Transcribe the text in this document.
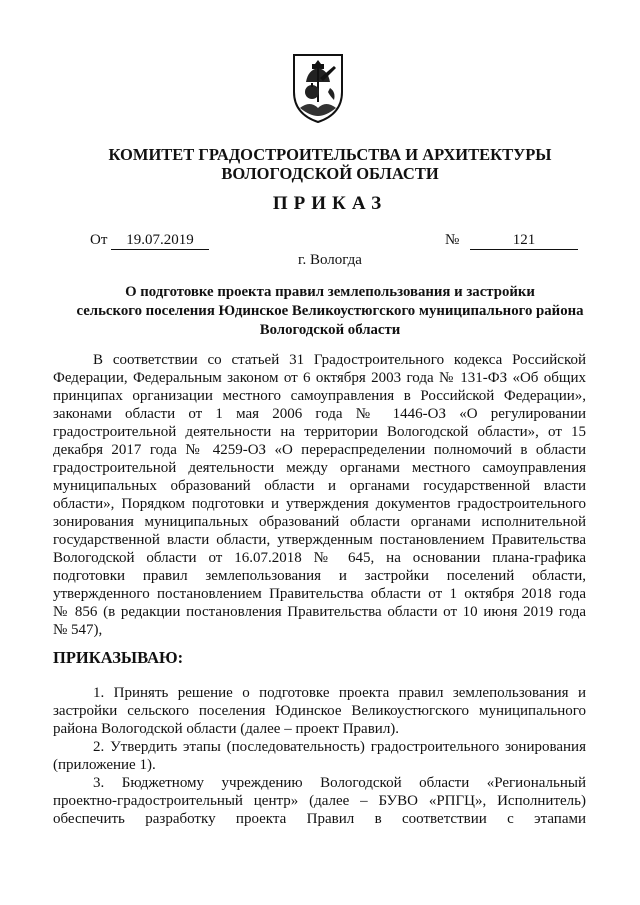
КОМИТЕТ ГРАДОСТРОИТЕЛЬСТВА И АРХИТЕКТУРЫ
ВОЛОГОДСКОЙ ОБЛАСТИ
ПРИКАЗ
От	19.07.2019	№	121
г. Вологда
О подготовке проекта правил землепользования и застройки
сельского поселения Юдинское Великоустюгского муниципального района
Вологодской области
В соответствии со статьей 31 Градостроительного кодекса Российской
Федерации, Федеральным законом от 6 октября 2003 года № 131-ФЗ «Об общих
принципах организации местного самоуправления в Российской Федерации»,
законами области от 1 мая 2006 года № 1446-ОЗ «О регулировании
градостроительной деятельности на территории Вологодской области», от 15
декабря 2017 года № 4259-ОЗ «О перераспределении полномочий в области
градостроительной деятельности между органами местного самоуправления
муниципальных образований области и органами государственной власти
области», Порядком подготовки и утверждения документов градостроительного
зонирования муниципальных образований области органами исполнительной
государственной власти области, утвержденным постановлением Правительства
Вологодской области от 16.07.2018 № 645, на основании плана-графика
подготовки правил землепользования и застройки поселений области,
утвержденного постановлением Правительства области от 1 октября 2018 года
№ 856 (в редакции постановления Правительства области от 10 июня 2019 года
№ 547),
ПРИКАЗЫВАЮ:
1. Принять решение о подготовке проекта правил землепользования и
застройки сельского поселения Юдинское Великоустюгского муниципального
района Вологодской области (далее – проект Правил).
2. Утвердить этапы (последовательность) градостроительного зонирования
(приложение 1).
3. Бюджетному учреждению Вологодской области «Региональный
проектно-градостроительный центр» (далее – БУВО «РПГЦ», Исполнитель)
обеспечить разработку проекта Правил в соответствии с этапами
